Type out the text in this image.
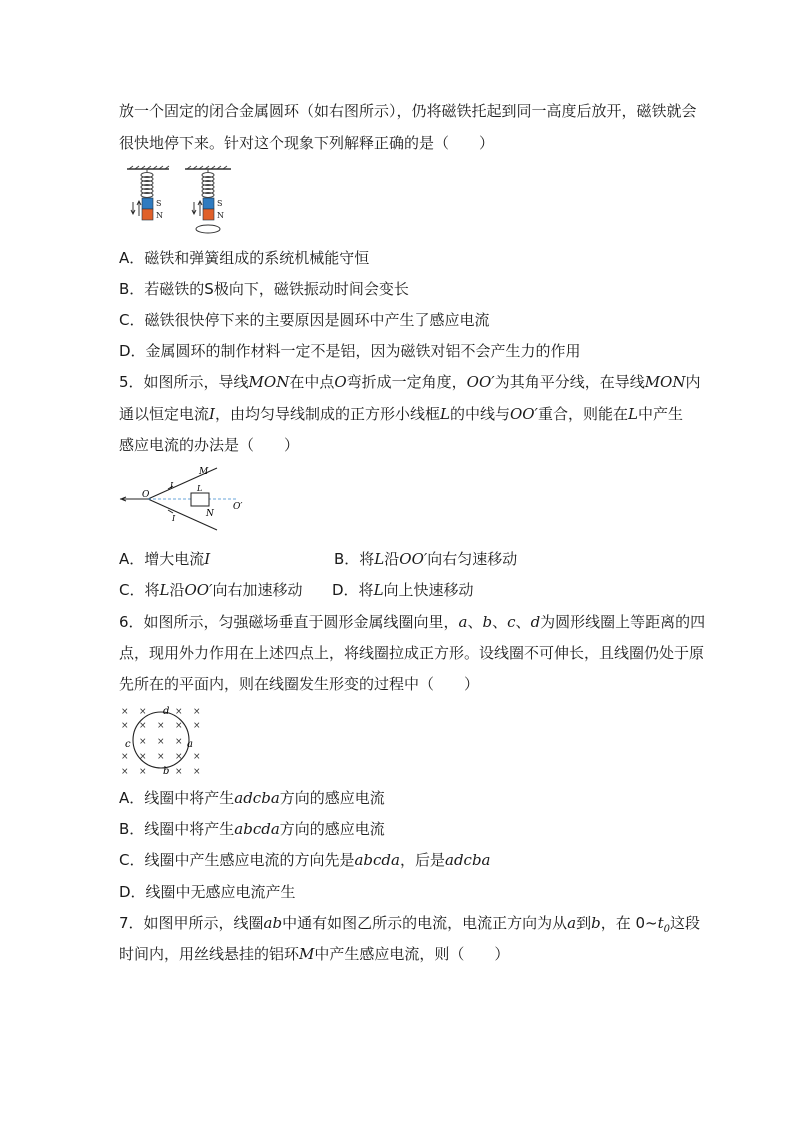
放一个固定的闭合金属圆环（如右图所示），仍将磁铁托起到同一高度后放开，磁铁就会
很快地停下来。针对这个现象下列解释正确的是（　　）
S
N
S
N
A．磁铁和弹簧组成的系统机械能守恒
B．若磁铁的S极向下，磁铁振动时间会变长
C．磁铁很快停下来的主要原因是圆环中产生了感应电流
D．金属圆环的制作材料一定不是铝，因为磁铁对铝不会产生力的作用
5．如图所示，导线MON在中点O弯折成一定角度，OO′为其角平分线，在导线MON内
通以恒定电流I，由均匀导线制成的正方形小线框L的中线与OO′重合，则能在L中产生
感应电流的办法是（　　）
M
N
O
O′
I
I
L
A．增大电流I	B．将L沿OO′向右匀速移动
C．将L沿OO′向右加速移动 D．将L向上快速移动
6．如图所示，匀强磁场垂直于圆形金属线圈向里，a、b、c、d为圆形线圈上等距离的四
点，现用外力作用在上述四点上，将线圈拉成正方形。设线圈不可伸长，且线圈仍处于原
先所在的平面内，则在线圈发生形变的过程中（　　）
× ×	× ×
× × × × ×
× × ×
× × × × ×
× ×	× ×
d
b
c	a
A．线圈中将产生adcba方向的感应电流
B．线圈中将产生abcda方向的感应电流
C．线圈中产生感应电流的方向先是abcda，后是adcba
D．线圈中无感应电流产生
7．如图甲所示，线圈ab中通有如图乙所示的电流，电流正方向为从a到b，在 $0\sim t_0$这段
时间内，用丝线悬挂的铝环M中产生感应电流，则（　　）
